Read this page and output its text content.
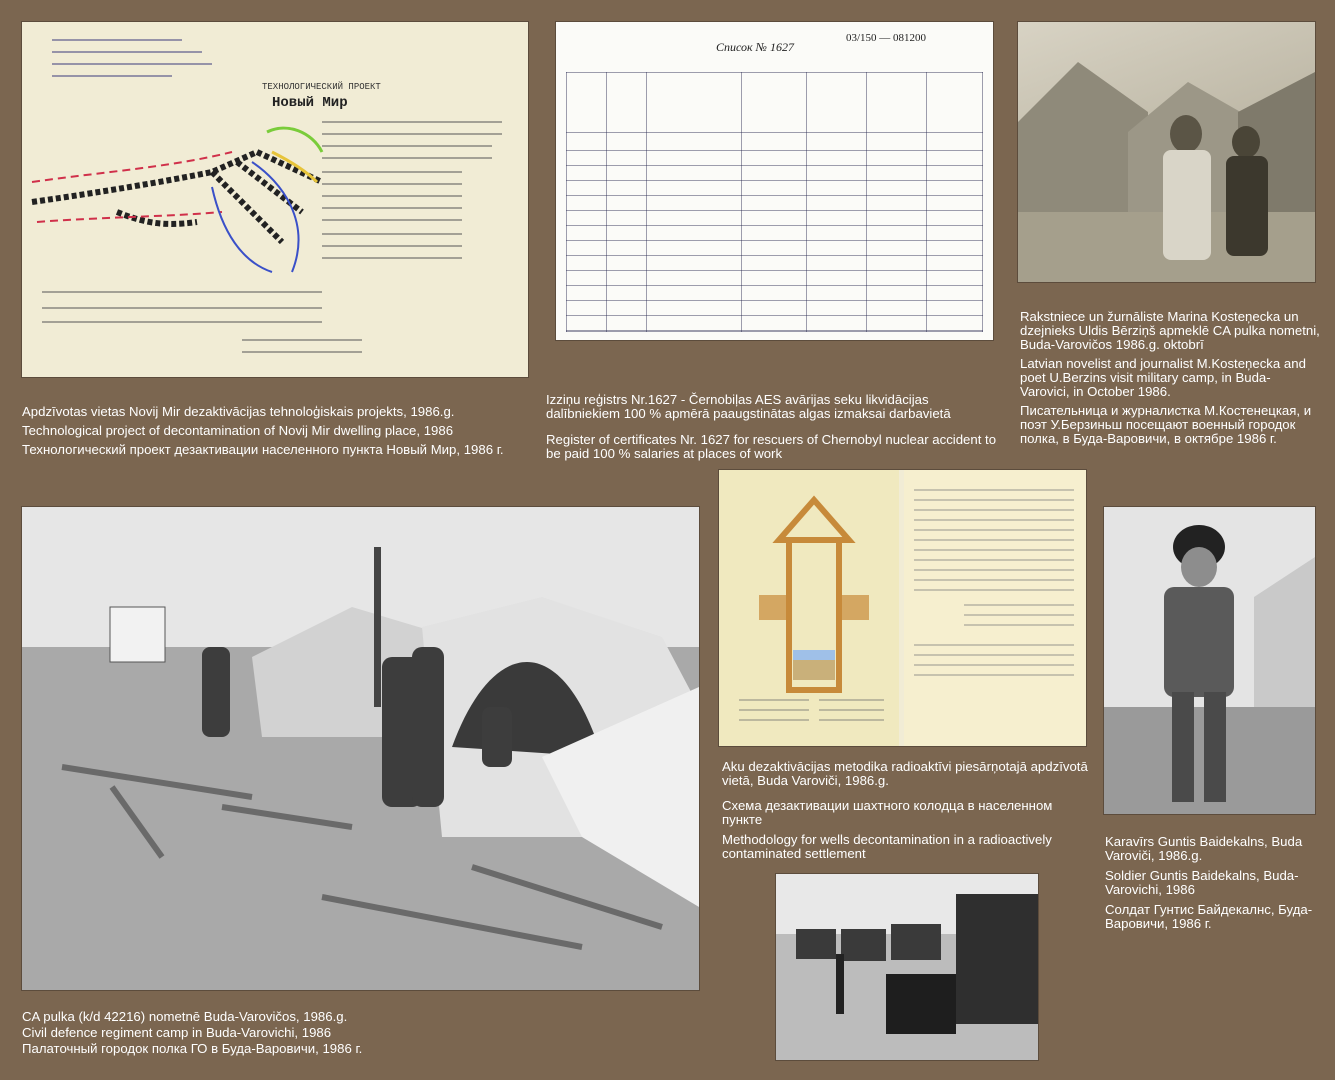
ТЕХНОЛОГИЧЕСКИЙ ПРОЕКТ
Новый Мир

Apdzīvotas vietas Novij Mir dezaktivācijas tehnoloģiskais projekts, 1986.g.

Technological project of decontamination of Novij Mir dwelling place, 1986

Технологический проект дезактивации населенного пункта Новый Мир, 1986 г.

Список № 1627
03/150 — 081200

Izziņu reģistrs Nr.1627 - Černobiļas AES avārijas seku likvidācijas dalībniekiem 100 % apmērā paaugstinātas algas izmaksai darbavietā

Register of certificates Nr. 1627 for rescuers of Chernobyl nuclear accident to be paid 100 % salaries at places of work

Rakstniece un žurnāliste Marina Kosteņecka un dzejnieks Uldis Bērziņš apmeklē CA pulka nometni, Buda-Varovičos 1986.g. oktobrī

Latvian novelist and journalist M.Kosteņecka and poet U.Berzins visit military camp, in Buda-Varovici, in October 1986.

Писательница и журналистка М.Костенецкая, и поэт У.Берзиньш посещают военный городок полка, в Буда-Варовичи, в октябре 1986 г.

CA pulka (k/d 42216) nometnē Buda-Varovičos, 1986.g.

Civil defence regiment camp in Buda-Varovichi, 1986

Палаточный городок полка ГО в Буда-Варовичи, 1986 г.

Aku dezaktivācijas metodika radioaktīvi piesārņotajā apdzīvotā vietā, Buda Varoviči, 1986.g.

Схема дезактивации шахтного колодца в населенном пункте

Methodology for wells decontamination in a radioactively contaminated settlement

Karavīrs Guntis Baidekalns, Buda Varoviči, 1986.g.

Soldier Guntis Baidekalns, Buda-Varovichi, 1986

Солдат Гунтис Байдекалнс, Буда-Варовичи, 1986 г.
